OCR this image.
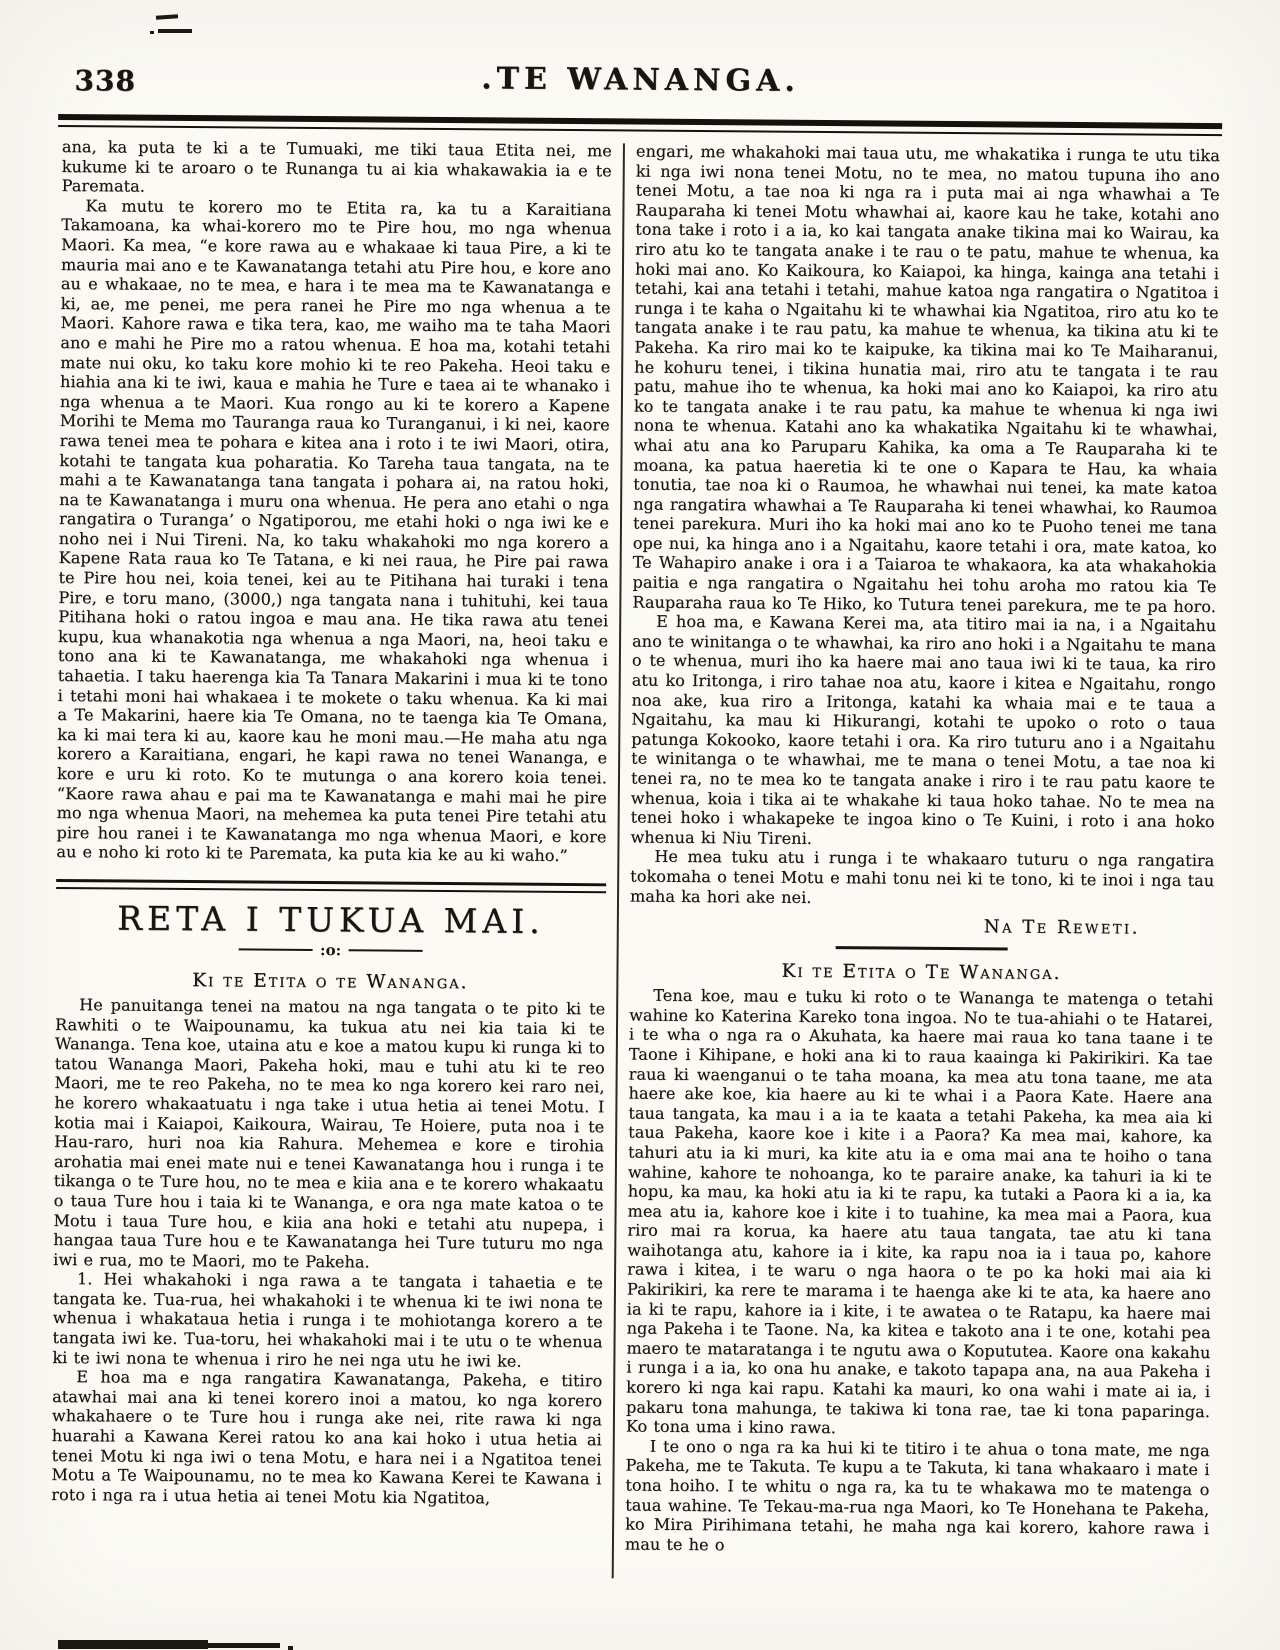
338	.TE WANANGA.

ana, ka puta te ki a te Tumuaki, me tiki taua Etita nei, me kukume ki te aroaro o te Runanga tu ai kia whakawakia ia e te Paremata.

Ka mutu te korero mo te Etita ra, ka tu a Karaitiana Takamoana, ka whai-korero mo te Pire hou, mo nga whenua Maori. Ka mea, “e kore rawa au e whakaae ki taua Pire, a ki te mauria mai ano e te Kawanatanga tetahi atu Pire hou, e kore ano au e whakaae, no te mea, e hara i te mea ma te Kawanatanga e ki, ae, me penei, me pera ranei he Pire mo nga whenua a te Maori. Kahore rawa e tika tera, kao, me waiho ma te taha Maori ano e mahi he Pire mo a ratou whenua. E hoa ma, kotahi tetahi mate nui oku, ko taku kore mohio ki te reo Pakeha. Heoi taku e hiahia ana ki te iwi, kaua e mahia he Ture e taea ai te whanako i nga whenua a te Maori. Kua rongo au ki te korero a Kapene Morihi te Mema mo Tauranga raua ko Turanganui, i ki nei, kaore rawa tenei mea te pohara e kitea ana i roto i te iwi Maori, otira, kotahi te tangata kua poharatia. Ko Tareha taua tangata, na te mahi a te Kawanatanga tana tangata i pohara ai, na ratou hoki, na te Kawanatanga i muru ona whenua. He pera ano etahi o nga rangatira o Turanga’ o Ngatiporou, me etahi hoki o nga iwi ke e noho nei i Nui Tireni. Na, ko taku whakahoki mo nga korero a Kapene Rata raua ko Te Tatana, e ki nei raua, he Pire pai rawa te Pire hou nei, koia tenei, kei au te Pitihana hai turaki i tena Pire, e toru mano, (3000,) nga tangata nana i tuhituhi, kei taua Pitihana hoki o ratou ingoa e mau ana. He tika rawa atu tenei kupu, kua whanakotia nga whenua a nga Maori, na, heoi taku e tono ana ki te Kawanatanga, me whakahoki nga whenua i tahaetia. I taku haerenga kia Ta Tanara Makarini i mua ki te tono i tetahi moni hai whakaea i te mokete o taku whenua. Ka ki mai a Te Makarini, haere kia Te Omana, no te taenga kia Te Omana, ka ki mai tera ki au, kaore kau he moni mau.—He maha atu nga korero a Karaitiana, engari, he kapi rawa no tenei Wananga, e kore e uru ki roto. Ko te mutunga o ana korero koia tenei. “Kaore rawa ahau e pai ma te Kawanatanga e mahi mai he pire mo nga whenua Maori, na mehemea ka puta tenei Pire tetahi atu pire hou ranei i te Kawanatanga mo nga whenua Maori, e kore au e noho ki roto ki te Paremata, ka puta kia ke au ki waho.”

RETA I TUKUA MAI.
:o:
Ki te Etita o te Wananga.

He panuitanga tenei na matou na nga tangata o te pito ki te Rawhiti o te Waipounamu, ka tukua atu nei kia taia ki te Wananga. Tena koe, utaina atu e koe a matou kupu ki runga ki to tatou Wananga Maori, Pakeha hoki, mau e tuhi atu ki te reo Maori, me te reo Pakeha, no te mea ko nga korero kei raro nei, he korero whakaatuatu i nga take i utua hetia ai tenei Motu. I kotia mai i Kaiapoi, Kaikoura, Wairau, Te Hoiere, puta noa i te Hau-raro, huri noa kia Rahura. Mehemea e kore e tirohia arohatia mai enei mate nui e tenei Kawanatanga hou i runga i te tikanga o te Ture hou, no te mea e kiia ana e te korero whakaatu o taua Ture hou i taia ki te Wananga, e ora nga mate katoa o te Motu i taua Ture hou, e kiia ana hoki e tetahi atu nupepa, i hangaa taua Ture hou e te Kawanatanga hei Ture tuturu mo nga iwi e rua, mo te Maori, mo te Pakeha.

1. Hei whakahoki i nga rawa a te tangata i tahaetia e te tangata ke. Tua-rua, hei whakahoki i te whenua ki te iwi nona te whenua i whakataua hetia i runga i te mohiotanga korero a te tangata iwi ke. Tua-toru, hei whakahoki mai i te utu o te whenua ki te iwi nona te whenua i riro he nei nga utu he iwi ke.

E hoa ma e nga rangatira Kawanatanga, Pakeha, e titiro atawhai mai ana ki tenei korero inoi a matou, ko nga korero whakahaere o te Ture hou i runga ake nei, rite rawa ki nga huarahi a Kawana Kerei ratou ko ana kai hoko i utua hetia ai tenei Motu ki nga iwi o tena Motu, e hara nei i a Ngatitoa tenei Motu a Te Waipounamu, no te mea ko Kawana Kerei te Kawana i roto i nga ra i utua hetia ai tenei Motu kia Ngatitoa,

engari, me whakahoki mai taua utu, me whakatika i runga te utu tika ki nga iwi nona tenei Motu, no te mea, no matou tupuna iho ano tenei Motu, a tae noa ki nga ra i puta mai ai nga whawhai a Te Rauparaha ki tenei Motu whawhai ai, kaore kau he take, kotahi ano tona take i roto i a ia, ko kai tangata anake tikina mai ko Wairau, ka riro atu ko te tangata anake i te rau o te patu, mahue te whenua, ka hoki mai ano. Ko Kaikoura, ko Kaiapoi, ka hinga, kainga ana tetahi i tetahi, kai ana tetahi i tetahi, mahue katoa nga rangatira o Ngatitoa i runga i te kaha o Ngaitahu ki te whawhai kia Ngatitoa, riro atu ko te tangata anake i te rau patu, ka mahue te whenua, ka tikina atu ki te Pakeha. Ka riro mai ko te kaipuke, ka tikina mai ko Te Maiharanui, he kohuru tenei, i tikina hunatia mai, riro atu te tangata i te rau patu, mahue iho te whenua, ka hoki mai ano ko Kaiapoi, ka riro atu ko te tangata anake i te rau patu, ka mahue te whenua ki nga iwi nona te whenua. Katahi ano ka whakatika Ngaitahu ki te whawhai, whai atu ana ko Paruparu Kahika, ka oma a Te Rauparaha ki te moana, ka patua haeretia ki te one o Kapara te Hau, ka whaia tonutia, tae noa ki o Raumoa, he whawhai nui tenei, ka mate katoa nga rangatira whawhai a Te Rauparaha ki tenei whawhai, ko Raumoa tenei parekura. Muri iho ka hoki mai ano ko te Puoho tenei me tana ope nui, ka hinga ano i a Ngaitahu, kaore tetahi i ora, mate katoa, ko Te Wahapiro anake i ora i a Taiaroa te whakaora, ka ata whakahokia paitia e nga rangatira o Ngaitahu hei tohu aroha mo ratou kia Te Rauparaha raua ko Te Hiko, ko Tutura tenei parekura, me te pa horo.

E hoa ma, e Kawana Kerei ma, ata titiro mai ia na, i a Ngaitahu ano te winitanga o te whawhai, ka riro ano hoki i a Ngaitahu te mana o te whenua, muri iho ka haere mai ano taua iwi ki te taua, ka riro atu ko Iritonga, i riro tahae noa atu, kaore i kitea e Ngaitahu, rongo noa ake, kua riro a Iritonga, katahi ka whaia mai e te taua a Ngaitahu, ka mau ki Hikurangi, kotahi te upoko o roto o taua patunga Kokooko, kaore tetahi i ora. Ka riro tuturu ano i a Ngaitahu te winitanga o te whawhai, me te mana o tenei Motu, a tae noa ki tenei ra, no te mea ko te tangata anake i riro i te rau patu kaore te whenua, koia i tika ai te whakahe ki taua hoko tahae. No te mea na tenei hoko i whakapeke te ingoa kino o Te Kuini, i roto i ana hoko whenua ki Niu Tireni.

He mea tuku atu i runga i te whakaaro tuturu o nga rangatira tokomaha o tenei Motu e mahi tonu nei ki te tono, ki te inoi i nga tau maha ka hori ake nei.

Na Te Reweti.
Ki te Etita o Te Wananga.

Tena koe, mau e tuku ki roto o te Wananga te matenga o tetahi wahine ko Katerina Kareko tona ingoa. No te tua-ahiahi o te Hatarei, i te wha o nga ra o Akuhata, ka haere mai raua ko tana taane i te Taone i Kihipane, e hoki ana ki to raua kaainga ki Pakirikiri. Ka tae raua ki waenganui o te taha moana, ka mea atu tona taane, me ata haere ake koe, kia haere au ki te whai i a Paora Kate. Haere ana taua tangata, ka mau i a ia te kaata a tetahi Pakeha, ka mea aia ki taua Pakeha, kaore koe i kite i a Paora? Ka mea mai, kahore, ka tahuri atu ia ki muri, ka kite atu ia e oma mai ana te hoiho o tana wahine, kahore te nohoanga, ko te paraire anake, ka tahuri ia ki te hopu, ka mau, ka hoki atu ia ki te rapu, ka tutaki a Paora ki a ia, ka mea atu ia, kahore koe i kite i to tuahine, ka mea mai a Paora, kua riro mai ra korua, ka haere atu taua tangata, tae atu ki tana waihotanga atu, kahore ia i kite, ka rapu noa ia i taua po, kahore rawa i kitea, i te waru o nga haora o te po ka hoki mai aia ki Pakirikiri, ka rere te marama i te haenga ake ki te ata, ka haere ano ia ki te rapu, kahore ia i kite, i te awatea o te Ratapu, ka haere mai nga Pakeha i te Taone. Na, ka kitea e takoto ana i te one, kotahi pea maero te mataratanga i te ngutu awa o Kopututea. Kaore ona kakahu i runga i a ia, ko ona hu anake, e takoto tapapa ana, na aua Pakeha i korero ki nga kai rapu. Katahi ka mauri, ko ona wahi i mate ai ia, i pakaru tona mahunga, te takiwa ki tona rae, tae ki tona paparinga. Ko tona uma i kino rawa.

I te ono o nga ra ka hui ki te titiro i te ahua o tona mate, me nga Pakeha, me te Takuta. Te kupu a te Takuta, ki tana whakaaro i mate i tona hoiho. I te whitu o nga ra, ka tu te whakawa mo te matenga o taua wahine. Te Tekau-ma-rua nga Maori, ko Te Honehana te Pakeha, ko Mira Pirihimana tetahi, he maha nga kai korero, kahore rawa i mau te he o
